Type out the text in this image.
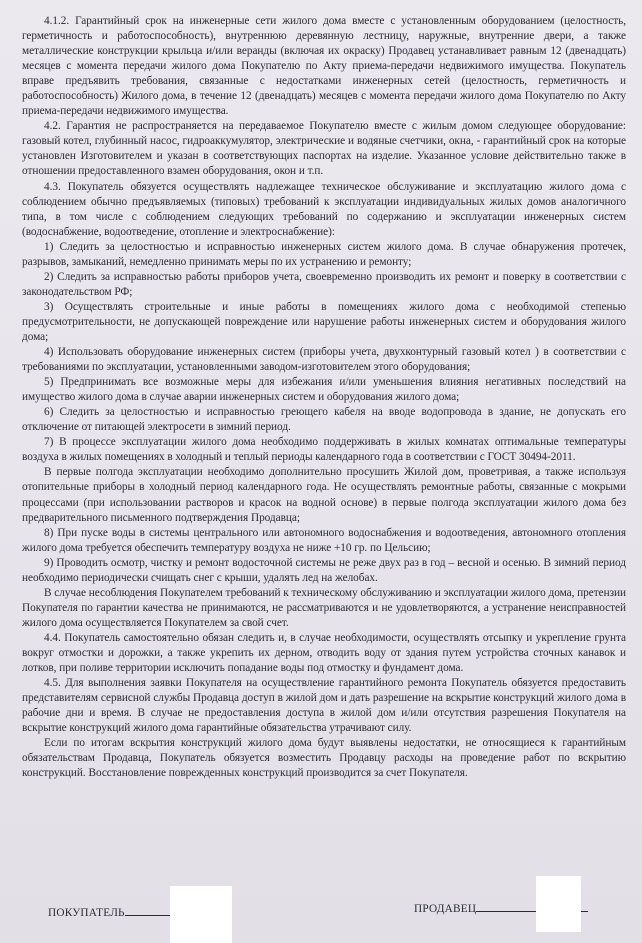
4.1.2. Гарантийный срок на инженерные сети жилого дома вместе с установленным оборудованием (целостность, герметичность и работоспособность), внутреннюю деревянную лестницу, наружные, внутренние двери, а также металлические конструкции крыльца и/или веранды (включая их окраску) Продавец устанавливает равным 12 (двенадцать) месяцев с момента передачи жилого дома Покупателю по Акту приема-передачи недвижимого имущества. Покупатель вправе предъявить требования, связанные с недостатками инженерных сетей (целостность, герметичность и работоспособность) Жилого дома, в течение 12 (двенадцать) месяцев с момента передачи жилого дома Покупателю по Акту приема-передачи недвижимого имущества.

4.2. Гарантия не распространяется на передаваемое Покупателю вместе с жилым домом следующее оборудование: газовый котел, глубинный насос, гидроаккумулятор, электрические и водяные счетчики, окна, - гарантийный срок на которые установлен Изготовителем и указан в соответствующих паспортах на изделие. Указанное условие действительно также в отношении предоставленного взамен оборудования, окон и т.п.

4.3. Покупатель обязуется осуществлять надлежащее техническое обслуживание и эксплуатацию жилого дома с соблюдением обычно предъявляемых (типовых) требований к эксплуатации индивидуальных жилых домов аналогичного типа, в том числе с соблюдением следующих требований по содержанию и эксплуатации инженерных систем (водоснабжение, водоотведение, отопление и электроснабжение):

1) Следить за целостностью и исправностью инженерных систем жилого дома. В случае обнаружения протечек, разрывов, замыканий, немедленно принимать меры по их устранению и ремонту;

2) Следить за исправностью работы приборов учета, своевременно производить их ремонт и поверку в соответствии с законодательством РФ;

3) Осуществлять строительные и иные работы в помещениях жилого дома с необходимой степенью предусмотрительности, не допускающей повреждение или нарушение работы инженерных систем и оборудования жилого дома;

4) Использовать оборудование инженерных систем (приборы учета, двухконтурный газовый котел ) в соответствии с требованиями по эксплуатации, установленными заводом-изготовителем этого оборудования;

5) Предпринимать все возможные меры для избежания и/или уменьшения влияния негативных последствий на имущество жилого дома в случае аварии инженерных систем и оборудования жилого дома;

6) Следить за целостностью и исправностью греющего кабеля на вводе водопровода в здание, не допускать его отключение от питающей электросети в зимний период.

7) В процессе эксплуатации жилого дома необходимо поддерживать в жилых комнатах оптимальные температуры воздуха в жилых помещениях в холодный и теплый периоды календарного года в соответствии с ГОСТ 30494-2011.

В первые полгода эксплуатации необходимо дополнительно просушить Жилой дом, проветривая, а также используя отопительные приборы в холодный период календарного года. Не осуществлять ремонтные работы, связанные с мокрыми процессами (при использовании растворов и красок на водной основе) в первые полгода эксплуатации жилого дома без предварительного письменного подтверждения Продавца;

8) При пуске воды в системы центрального или автономного водоснабжения и водоотведения, автономного отопления жилого дома требуется обеспечить температуру воздуха не ниже +10 гр. по Цельсию;

9) Проводить осмотр, чистку и ремонт водосточной системы не реже двух раз в год – весной и осенью. В зимний период необходимо периодически счищать снег с крыши, удалять лед на желобах.

В случае несоблюдения Покупателем требований к техническому обслуживанию и эксплуатации жилого дома, претензии Покупателя по гарантии качества не принимаются, не рассматриваются и не удовлетворяются, а устранение неисправностей жилого дома осуществляется Покупателем за свой счет.

4.4. Покупатель самостоятельно обязан следить и, в случае необходимости, осуществлять отсыпку и укрепление грунта вокруг отмостки и дорожки, а также укрепить их дерном, отводить воду от здания путем устройства сточных канавок и лотков, при поливе территории исключить попадание воды под отмостку и фундамент дома.

4.5. Для выполнения заявки Покупателя на осуществление гарантийного ремонта Покупатель обязуется предоставить представителям сервисной службы Продавца доступ в жилой дом и дать разрешение на вскрытие конструкций жилого дома в рабочие дни и время. В случае не предоставления доступа в жилой дом и/или отсутствия разрешения Покупателя на вскрытие конструкций жилого дома гарантийные обязательства утрачивают силу.

Если по итогам вскрытия конструкций жилого дома будут выявлены недостатки, не относящиеся к гарантийным обязательствам Продавца, Покупатель обязуется возместить Продавцу расходы на проведение работ по вскрытию конструкций. Восстановление поврежденных конструкций производится за счет Покупателя.

ПОКУПАТЕЛЬ	ПРОДАВЕЦ
